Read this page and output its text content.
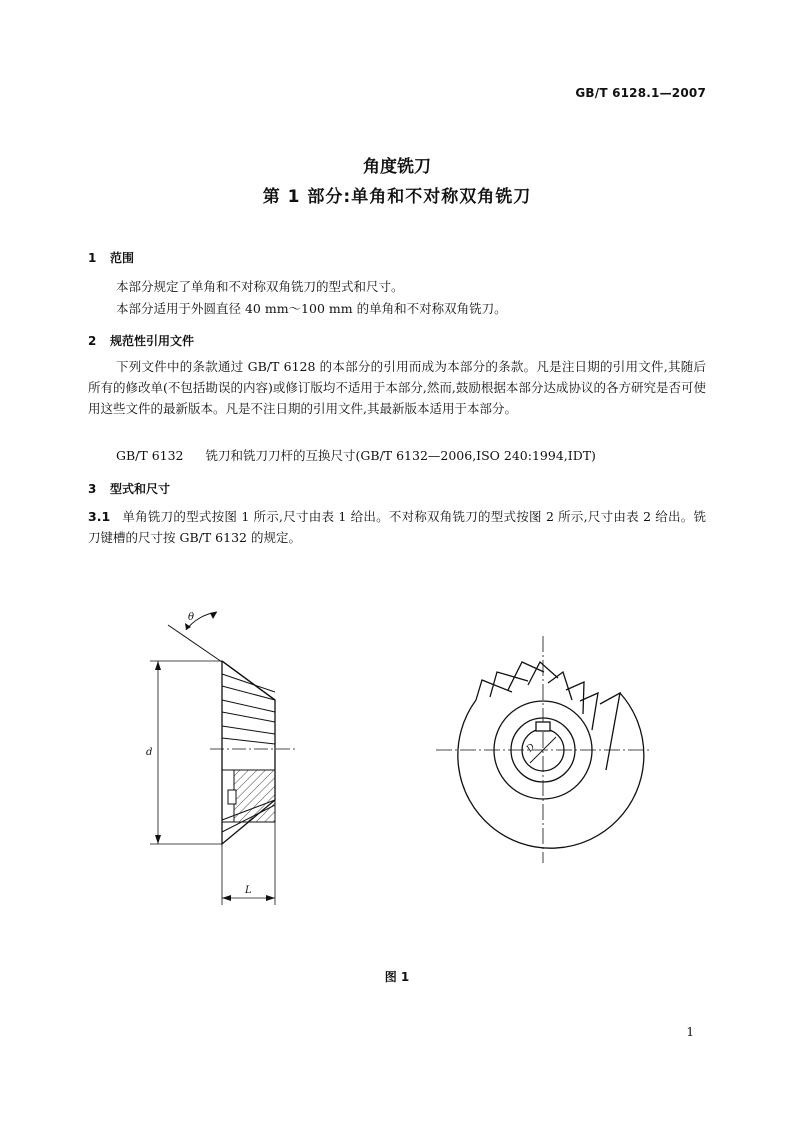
GB/T 6128.1—2007
角度铣刀
第 1 部分:单角和不对称双角铣刀
1 范围
本部分规定了单角和不对称双角铣刀的型式和尺寸。
本部分适用于外圆直径 40 mm～100 mm 的单角和不对称双角铣刀。
2 规范性引用文件
下列文件中的条款通过 GB/T 6128 的本部分的引用而成为本部分的条款。凡是注日期的引用文件,其随后所有的修改单(不包括勘误的内容)或修订版均不适用于本部分,然而,鼓励根据本部分达成协议的各方研究是否可使用这些文件的最新版本。凡是不注日期的引用文件,其最新版本适用于本部分。
GB/T 6132 铣刀和铣刀刀杆的互换尺寸(GB/T 6132—2006,ISO 240:1994,IDT)
3 型式和尺寸
3.1 单角铣刀的型式按图 1 所示,尺寸由表 1 给出。不对称双角铣刀的型式按图 2 所示,尺寸由表 2 给出。铣刀键槽的尺寸按 GB/T 6132 的规定。
θ
d
L
D
图 1
1
